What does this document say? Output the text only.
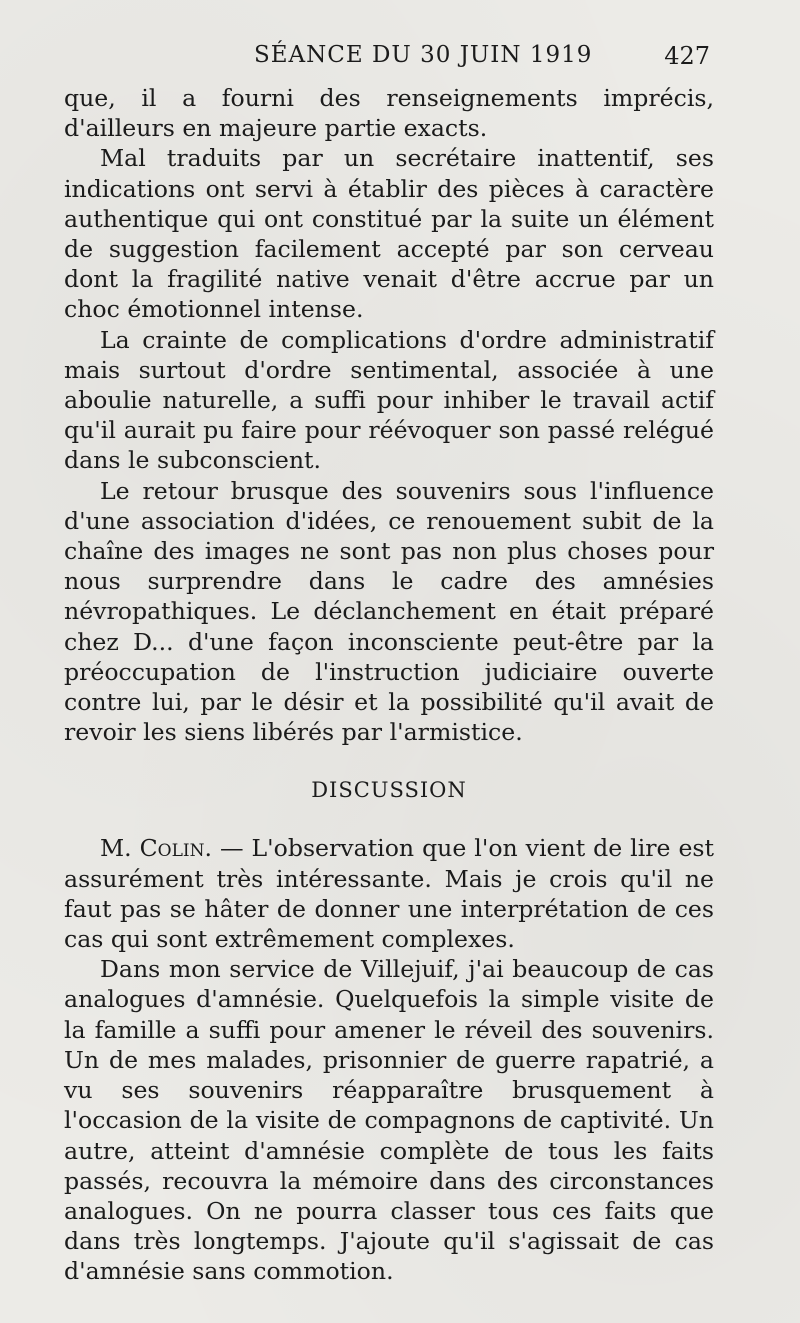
SÉANCE DU 30 JUIN 1919	427

que, il a fourni des renseignements imprécis, d'ailleurs en majeure partie exacts.

Mal traduits par un secrétaire inattentif, ses indications ont servi à établir des pièces à caractère authentique qui ont constitué par la suite un élément de suggestion facilement accepté par son cerveau dont la fragilité native venait d'être accrue par un choc émotionnel intense.

La crainte de complications d'ordre administratif mais surtout d'ordre sentimental, associée à une aboulie naturelle, a suffi pour inhiber le travail actif qu'il aurait pu faire pour réévoquer son passé relégué dans le subconscient.

Le retour brusque des souvenirs sous l'influence d'une association d'idées, ce renouement subit de la chaîne des images ne sont pas non plus choses pour nous surprendre dans le cadre des amnésies névropathiques. Le déclanchement en était préparé chez D... d'une façon inconsciente peut-être par la préoccupation de l'instruction judiciaire ouverte contre lui, par le désir et la possibilité qu'il avait de revoir les siens libérés par l'armistice.

DISCUSSION

M. Colin. — L'observation que l'on vient de lire est assurément très intéressante. Mais je crois qu'il ne faut pas se hâter de donner une interprétation de ces cas qui sont extrêmement complexes.

Dans mon service de Villejuif, j'ai beaucoup de cas analogues d'amnésie. Quelquefois la simple visite de la famille a suffi pour amener le réveil des souvenirs. Un de mes malades, prisonnier de guerre rapatrié, a vu ses souvenirs réapparaître brusquement à l'occasion de la visite de compagnons de captivité. Un autre, atteint d'amnésie complète de tous les faits passés, recouvra la mémoire dans des circonstances analogues. On ne pourra classer tous ces faits que dans très longtemps. J'ajoute qu'il s'agissait de cas d'amnésie sans commotion.
